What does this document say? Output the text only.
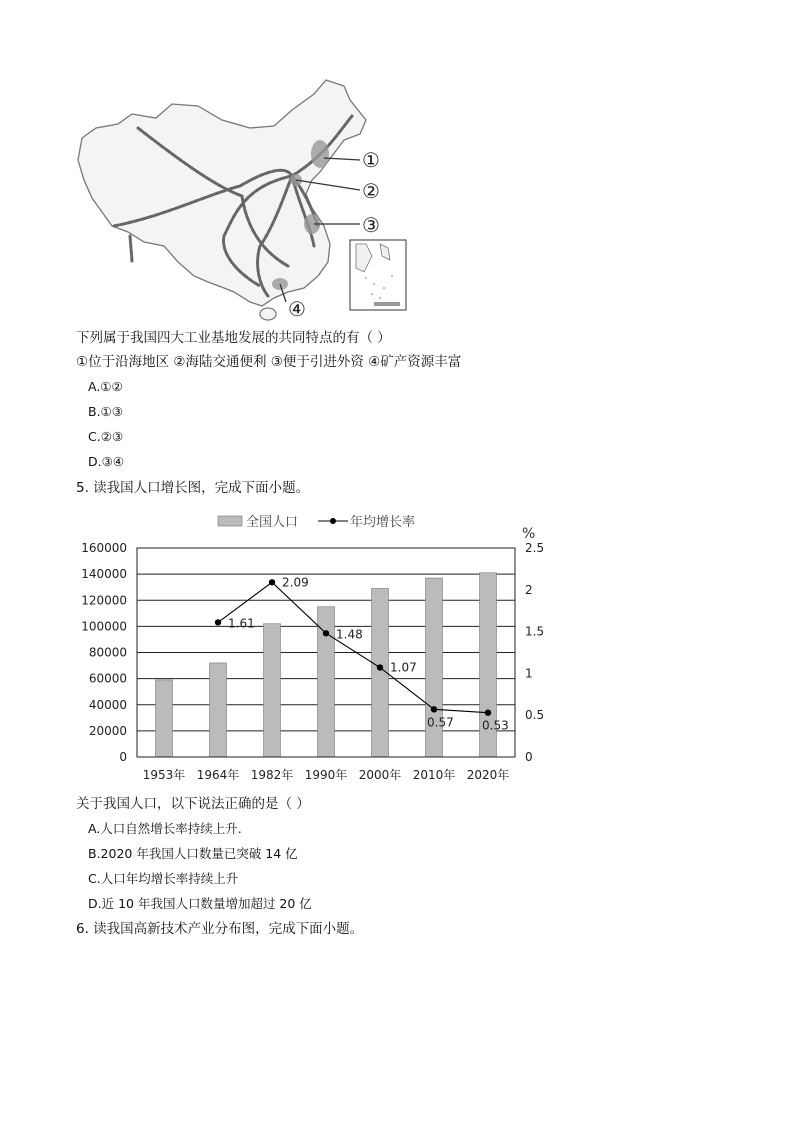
①
②
③
④
下列属于我国四大工业基地发展的共同特点的有（ ）
①位于沿海地区 ②海陆交通便利 ③便于引进外资 ④矿产资源丰富
A.①②
B.①③
C.②③
D.③④
5. 读我国人口增长图，完成下面小题。
全国人口	年均增长率
%
1.61
2.09
1.48
1.07
0.57 0.53
0
20000
40000
60000
80000
100000
120000
140000
160000
0
0.5
1
1.5
2
2.5
1953年 1964年 1982年 1990年 2000年 2010年 2020年
关于我国人口，以下说法正确的是（ ）
A.人口自然增长率持续上升.
B.2020 年我国人口数量已突破 14 亿
C.人口年均增长率持续上升
D.近 10 年我国人口数量增加超过 20 亿
6. 读我国高新技术产业分布图，完成下面小题。
